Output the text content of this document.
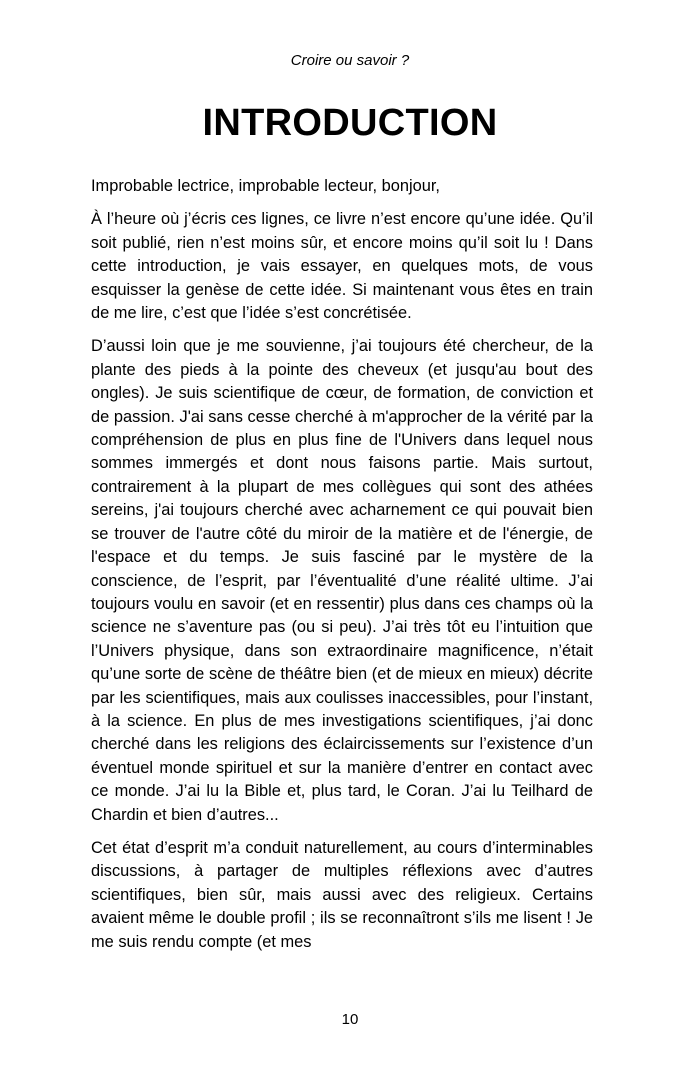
Croire ou savoir ?
INTRODUCTION

Improbable lectrice, improbable lecteur, bonjour,

À l’heure où j’écris ces lignes, ce livre n’est encore qu’une idée. Qu’il soit publié, rien n’est moins sûr, et encore moins qu’il soit lu ! Dans cette introduction, je vais essayer, en quelques mots, de vous esquisser la genèse de cette idée. Si maintenant vous êtes en train de me lire, c’est que l’idée s’est concrétisée.

D’aussi loin que je me souvienne, j’ai toujours été chercheur, de la plante des pieds à la pointe des cheveux (et jusqu'au bout des ongles). Je suis scientifique de cœur, de formation, de conviction et de passion. J'ai sans cesse cherché à m'approcher de la vérité par la compréhension de plus en plus fine de l'Univers dans lequel nous sommes immergés et dont nous faisons partie. Mais surtout, contrairement à la plupart de mes collègues qui sont des athées sereins, j'ai toujours cherché avec acharnement ce qui pouvait bien se trouver de l'autre côté du miroir de la matière et de l'énergie, de l'espace et du temps. Je suis fasciné par le mystère de la conscience, de l’esprit, par l’éventualité d’une réalité ultime. J’ai toujours voulu en savoir (et en ressentir) plus dans ces champs où la science ne s’aventure pas (ou si peu). J’ai très tôt eu l’intuition que l’Univers physique, dans son extraordinaire magnificence, n’était qu’une sorte de scène de théâtre bien (et de mieux en mieux) décrite par les scientifiques, mais aux coulisses inaccessibles, pour l’instant, à la science. En plus de mes investigations scientifiques, j’ai donc cherché dans les religions des éclaircissements sur l’existence d’un éventuel monde spirituel et sur la manière d’entrer en contact avec ce monde. J’ai lu la Bible et, plus tard, le Coran. J’ai lu Teilhard de Chardin et bien d’autres...

Cet état d’esprit m’a conduit naturellement, au cours d’interminables discussions, à partager de multiples réflexions avec d’autres scientifiques, bien sûr, mais aussi avec des religieux. Certains avaient même le double profil ; ils se reconnaîtront s’ils me lisent ! Je me suis rendu compte (et mes

10
